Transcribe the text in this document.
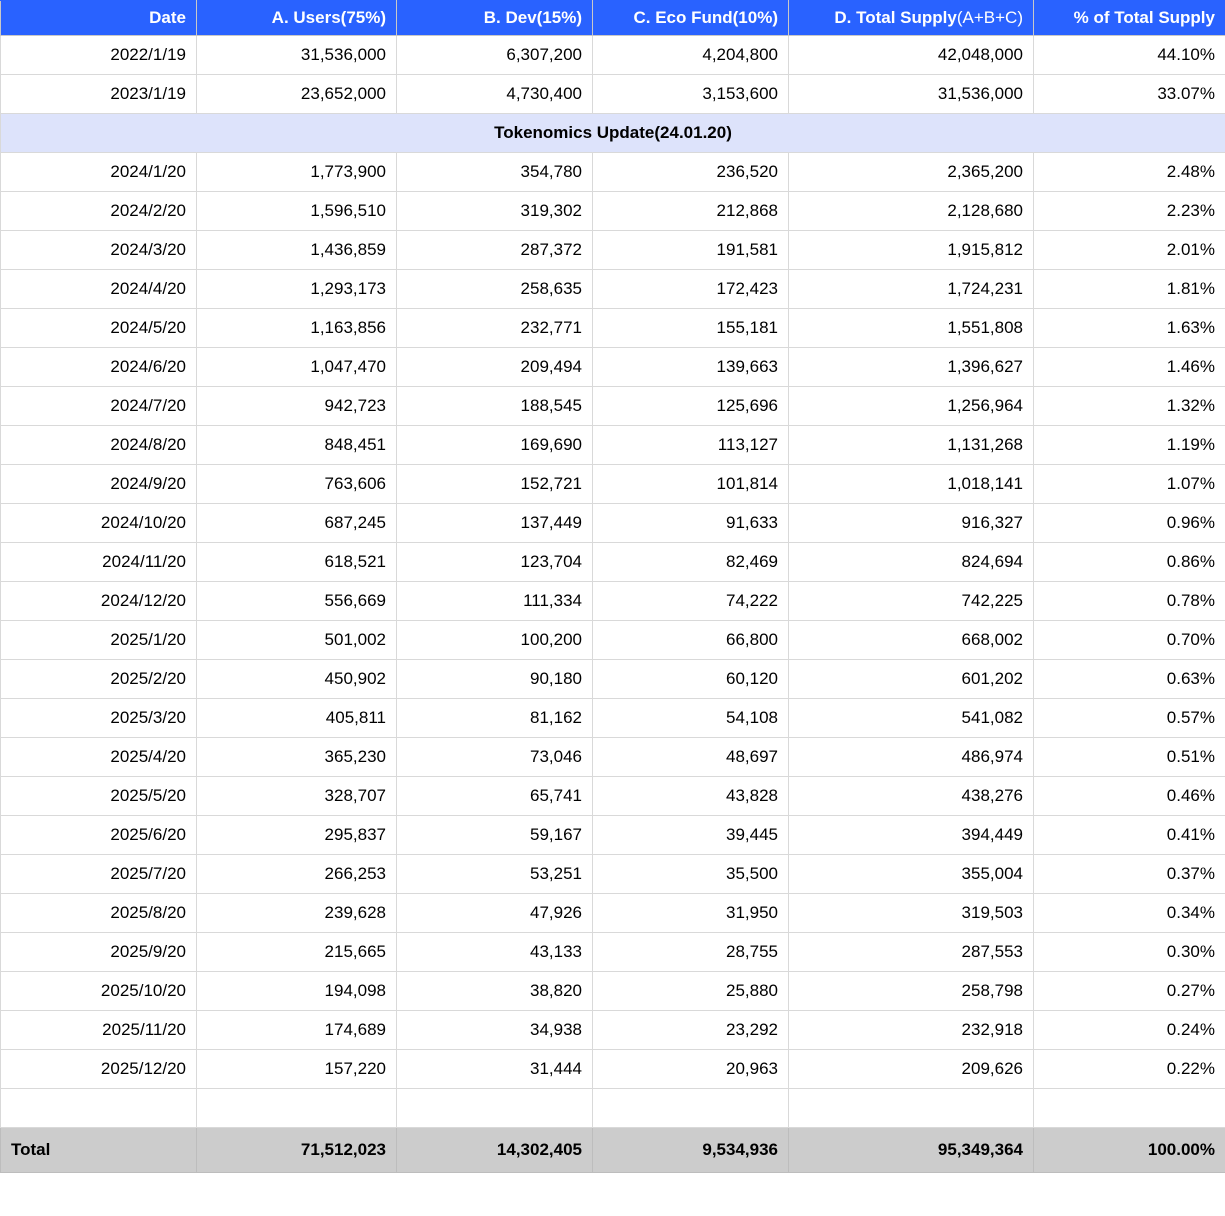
Date	A. Users(75%)	B. Dev(15%)	C. Eco Fund(10%)	D. Total Supply(A+B+C)	% of Total Supply
2022/1/19	31,536,000	6,307,200	4,204,800	42,048,000	44.10%
2023/1/19	23,652,000	4,730,400	3,153,600	31,536,000	33.07%
Tokenomics Update(24.01.20)					
2024/1/20	1,773,900	354,780	236,520	2,365,200	2.48%
2024/2/20	1,596,510	319,302	212,868	2,128,680	2.23%
2024/3/20	1,436,859	287,372	191,581	1,915,812	2.01%
2024/4/20	1,293,173	258,635	172,423	1,724,231	1.81%
2024/5/20	1,163,856	232,771	155,181	1,551,808	1.63%
2024/6/20	1,047,470	209,494	139,663	1,396,627	1.46%
2024/7/20	942,723	188,545	125,696	1,256,964	1.32%
2024/8/20	848,451	169,690	113,127	1,131,268	1.19%
2024/9/20	763,606	152,721	101,814	1,018,141	1.07%
2024/10/20	687,245	137,449	91,633	916,327	0.96%
2024/11/20	618,521	123,704	82,469	824,694	0.86%
2024/12/20	556,669	111,334	74,222	742,225	0.78%
2025/1/20	501,002	100,200	66,800	668,002	0.70%
2025/2/20	450,902	90,180	60,120	601,202	0.63%
2025/3/20	405,811	81,162	54,108	541,082	0.57%
2025/4/20	365,230	73,046	48,697	486,974	0.51%
2025/5/20	328,707	65,741	43,828	438,276	0.46%
2025/6/20	295,837	59,167	39,445	394,449	0.41%
2025/7/20	266,253	53,251	35,500	355,004	0.37%
2025/8/20	239,628	47,926	31,950	319,503	0.34%
2025/9/20	215,665	43,133	28,755	287,553	0.30%
2025/10/20	194,098	38,820	25,880	258,798	0.27%
2025/11/20	174,689	34,938	23,292	232,918	0.24%
2025/12/20	157,220	31,444	20,963	209,626	0.22%

Total	71,512,023	14,302,405	9,534,936	95,349,364	100.00%
